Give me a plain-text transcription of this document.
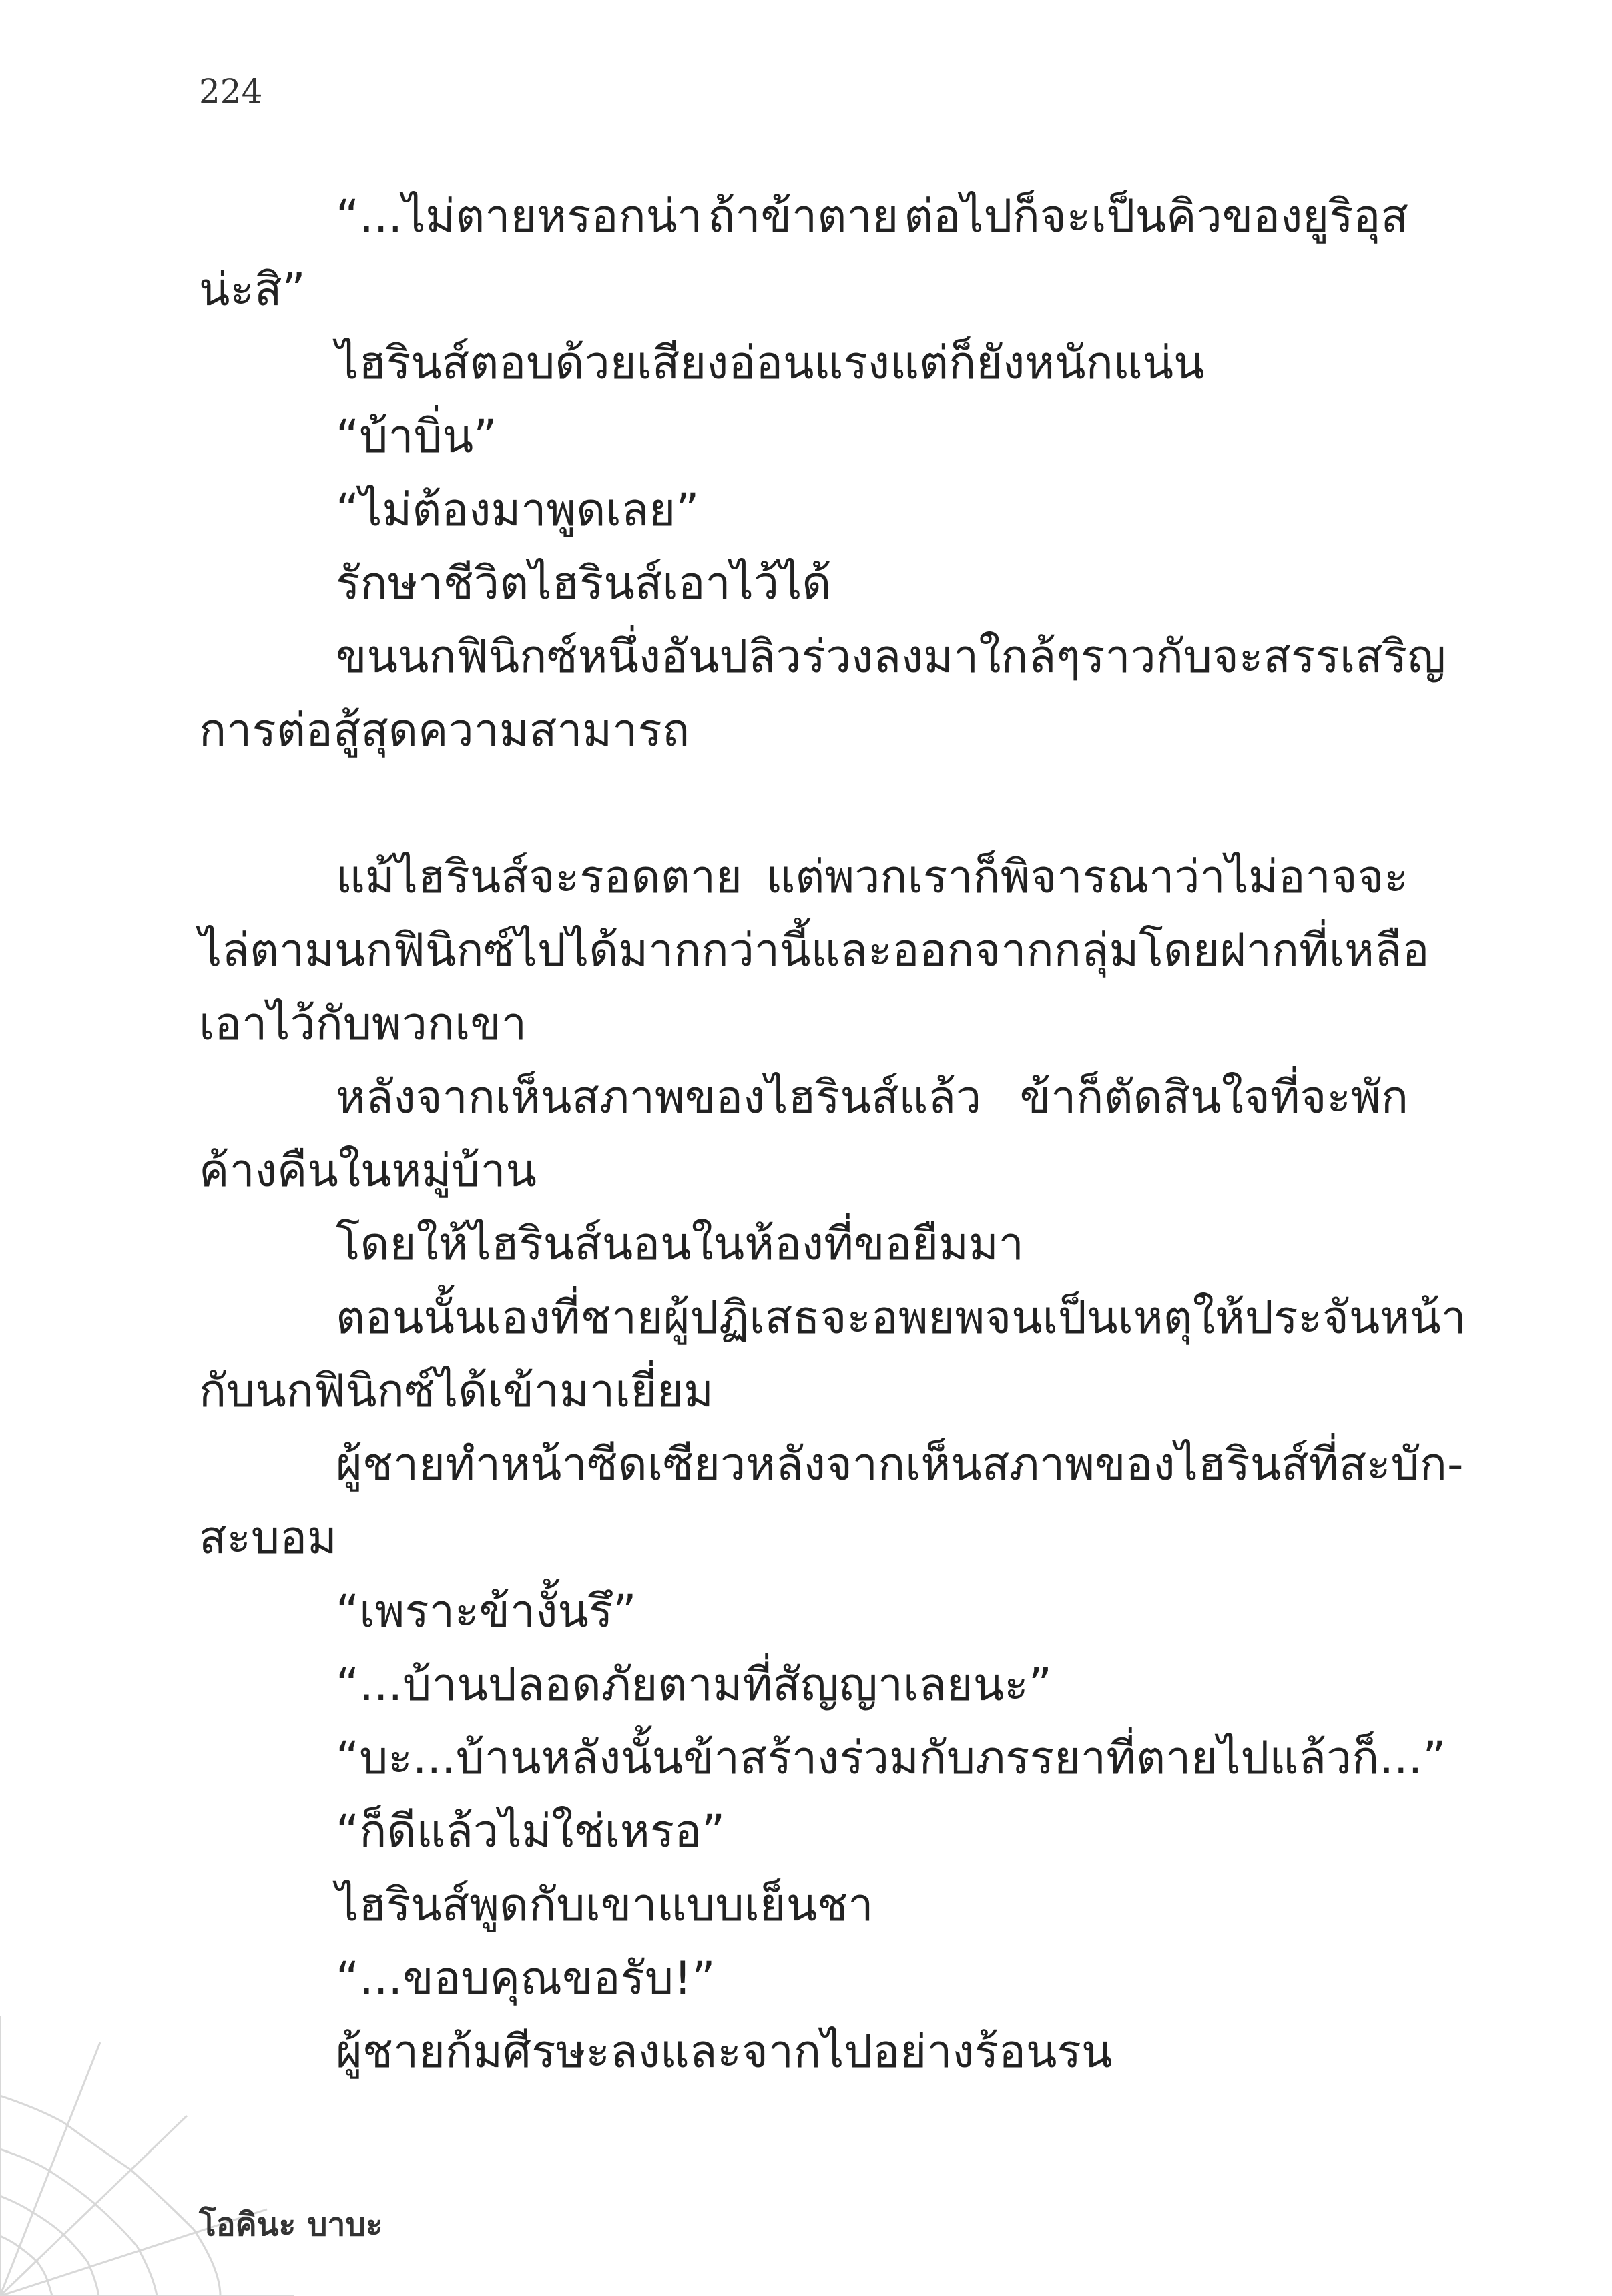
224
“...ไม่ตายหรอกน่า ถ้าข้าตาย ต่อไปก็จะเป็นคิวของยูริอุส
น่ะสิ”
ไฮรินส์ตอบด้วยเสียงอ่อนแรงแต่ก็ยังหนักแน่น
“บ้าบิ่น”
“ไม่ต้องมาพูดเลย”
รักษาชีวิตไฮรินส์เอาไว้ได้
ขนนกฟินิกซ์หนึ่งอันปลิวร่วงลงมาใกล้ๆ ราวกับจะสรรเสริญ
การต่อสู้สุดความสามารถ
แม้ไฮรินส์จะรอดตาย แต่พวกเราก็พิจารณาว่าไม่อาจจะ
ไล่ตามนกฟินิกซ์ไปได้มากกว่านี้ และออกจากกลุ่มโดยฝากที่เหลือ
เอาไว้กับพวกเขา
หลังจากเห็นสภาพของไฮรินส์แล้ว ข้าก็ตัดสินใจที่จะพัก
ค้างคืนในหมู่บ้าน
โดยให้ไฮรินส์นอนในห้องที่ขอยืมมา
ตอนนั้นเองที่ชายผู้ปฏิเสธจะอพยพจนเป็นเหตุให้ประจันหน้า
กับนกฟินิกซ์ได้เข้ามาเยี่ยม
ผู้ชายทำหน้าซีดเซียวหลังจากเห็นสภาพของไฮรินส์ที่สะบัก-
สะบอม
“เพราะข้างั้นรึ”
“...บ้านปลอดภัยตามที่สัญญาเลยนะ”
“บะ...บ้านหลังนั้น ข้าสร้างร่วมกับภรรยาที่ตายไป แล้วก็...”
“ก็ดีแล้วไม่ใช่เหรอ”
ไฮรินส์พูดกับเขาแบบเย็นชา
“...ขอบคุณขอรับ!”
ผู้ชายก้มศีรษะลงและจากไปอย่างร้อนรน
โอคินะ บาบะ
